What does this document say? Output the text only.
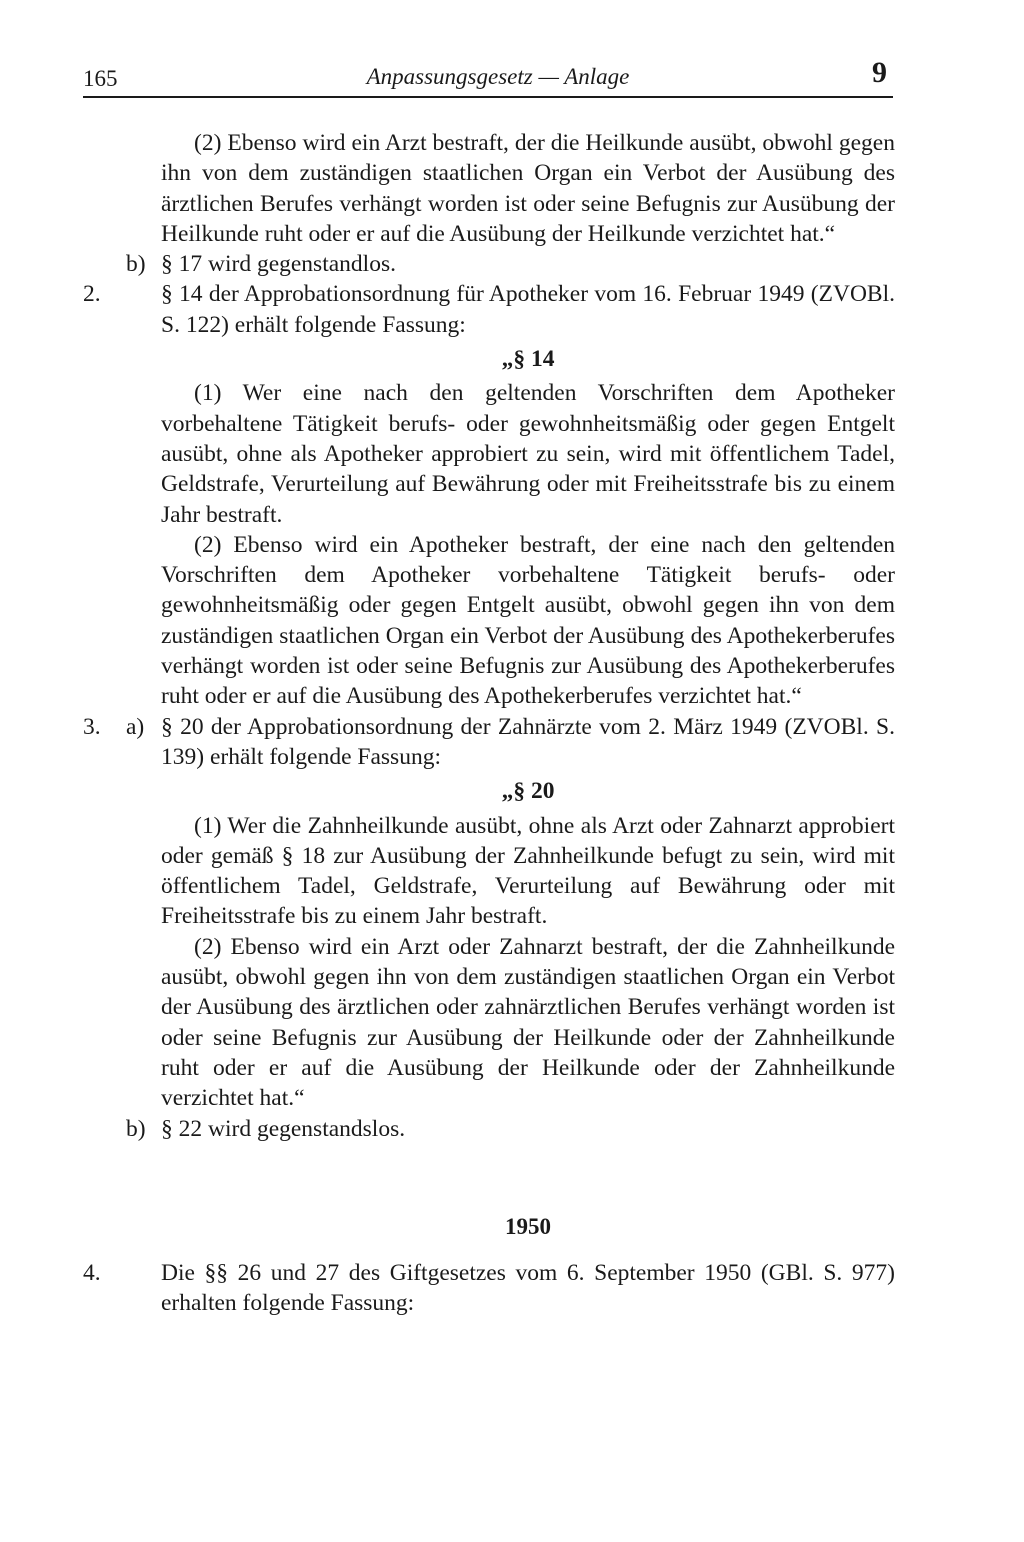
165	Anpassungsgesetz — Anlage	9

(2) Ebenso wird ein Arzt bestraft, der die Heilkunde ausübt, obwohl gegen ihn von dem zuständigen staatlichen Organ ein Verbot der Ausübung des ärztlichen Berufes verhängt worden ist oder seine Befugnis zur Ausübung der Heilkunde ruht oder er auf die Ausübung der Heilkunde verzichtet hat.“

b) § 17 wird gegenstandlos.

2.	§ 14 der Approbationsordnung für Apotheker vom 16. Februar 1949 (ZVOBl. S. 122) erhält folgende Fassung:

„§ 14

(1) Wer eine nach den geltenden Vorschriften dem Apotheker vorbehaltene Tätigkeit berufs- oder gewohnheitsmäßig oder gegen Entgelt ausübt, ohne als Apotheker approbiert zu sein, wird mit öffentlichem Tadel, Geldstrafe, Verurteilung auf Bewährung oder mit Freiheitsstrafe bis zu einem Jahr bestraft.

(2) Ebenso wird ein Apotheker bestraft, der eine nach den geltenden Vorschriften dem Apotheker vorbehaltene Tätigkeit berufs- oder gewohnheitsmäßig oder gegen Entgelt ausübt, obwohl gegen ihn von dem zuständigen staatlichen Organ ein Verbot der Ausübung des Apothekerberufes verhängt worden ist oder seine Befugnis zur Ausübung des Apothekerberufes ruht oder er auf die Ausübung des Apothekerberufes verzichtet hat.“

3.	a) § 20 der Approbationsordnung der Zahnärzte vom 2. März 1949 (ZVOBl. S. 139) erhält folgende Fassung:

„§ 20

(1) Wer die Zahnheilkunde ausübt, ohne als Arzt oder Zahnarzt approbiert oder gemäß § 18 zur Ausübung der Zahnheilkunde befugt zu sein, wird mit öffentlichem Tadel, Geldstrafe, Verurteilung auf Bewährung oder mit Freiheitsstrafe bis zu einem Jahr bestraft.

(2) Ebenso wird ein Arzt oder Zahnarzt bestraft, der die Zahnheilkunde ausübt, obwohl gegen ihn von dem zuständigen staatlichen Organ ein Verbot der Ausübung des ärztlichen oder zahnärztlichen Berufes verhängt worden ist oder seine Befugnis zur Ausübung der Heilkunde oder der Zahnheilkunde ruht oder er auf die Ausübung der Heilkunde oder der Zahnheilkunde verzichtet hat.“

b) § 22 wird gegenstandslos.

1950

4.	Die §§ 26 und 27 des Giftgesetzes vom 6. September 1950 (GBl. S. 977) erhalten folgende Fassung:
